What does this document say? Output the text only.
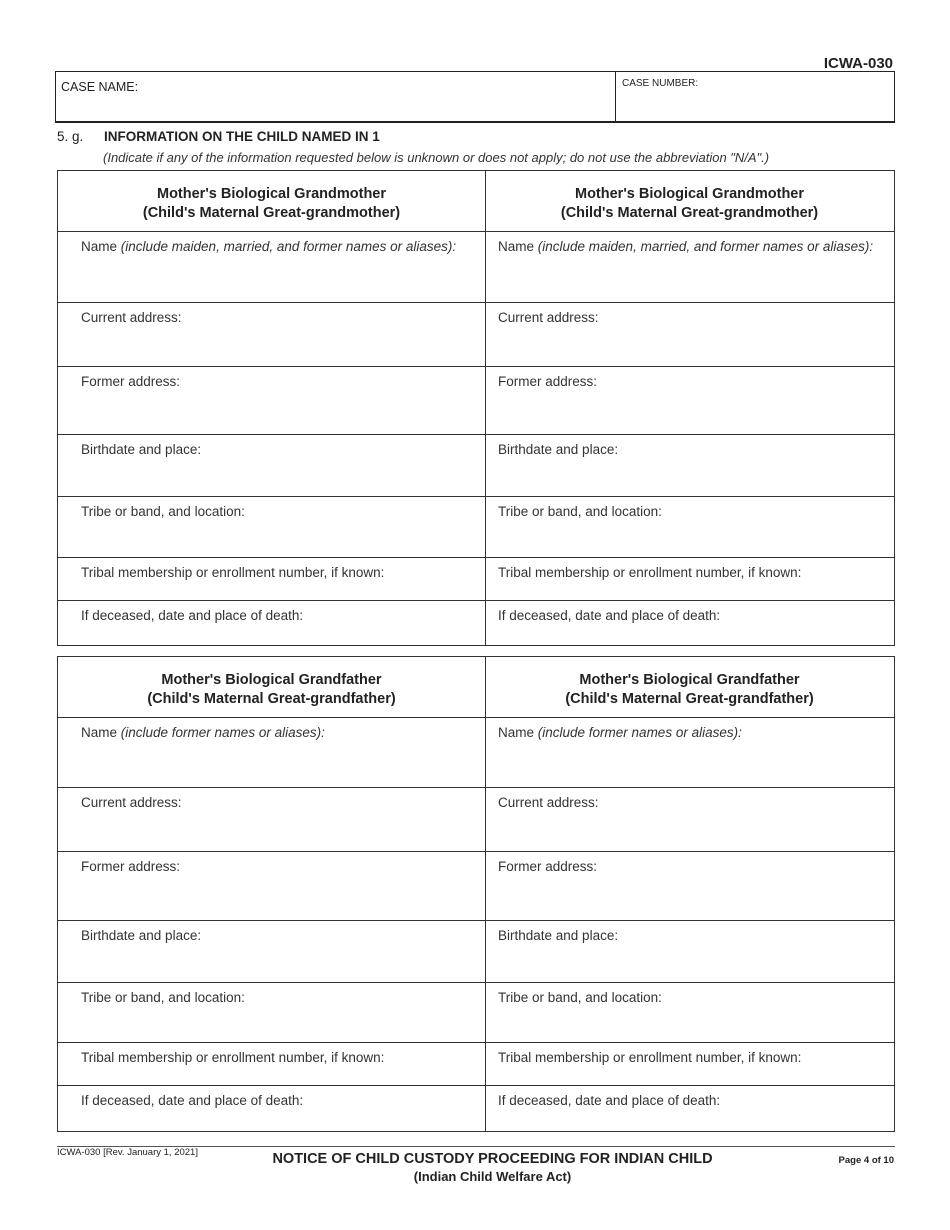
ICWA-030
CASE NAME:	CASE NUMBER:
5. g. INFORMATION ON THE CHILD NAMED IN 1
(Indicate if any of the information requested below is unknown or does not apply; do not use the abbreviation "N/A".)
Mother's Biological Grandmother
(Child's Maternal Great-grandmother)
Name (include maiden, married, and former names or aliases):
Current address:
Former address:
Birthdate and place:
Tribe or band, and location:
Tribal membership or enrollment number, if known:
If deceased, date and place of death:
Mother's Biological Grandmother
(Child's Maternal Great-grandmother)
Name (include maiden, married, and former names or aliases):
Current address:
Former address:
Birthdate and place:
Tribe or band, and location:
Tribal membership or enrollment number, if known:
If deceased, date and place of death:
Mother's Biological Grandfather
(Child's Maternal Great-grandfather)
Name (include former names or aliases):
Current address:
Former address:
Birthdate and place:
Tribe or band, and location:
Tribal membership or enrollment number, if known:
If deceased, date and place of death:
Mother's Biological Grandfather
(Child's Maternal Great-grandfather)
Name (include former names or aliases):
Current address:
Former address:
Birthdate and place:
Tribe or band, and location:
Tribal membership or enrollment number, if known:
If deceased, date and place of death:
ICWA-030 [Rev. January 1, 2021]	NOTICE OF CHILD CUSTODY PROCEEDING FOR INDIAN CHILD
(Indian Child Welfare Act)
Page 4 of 10
